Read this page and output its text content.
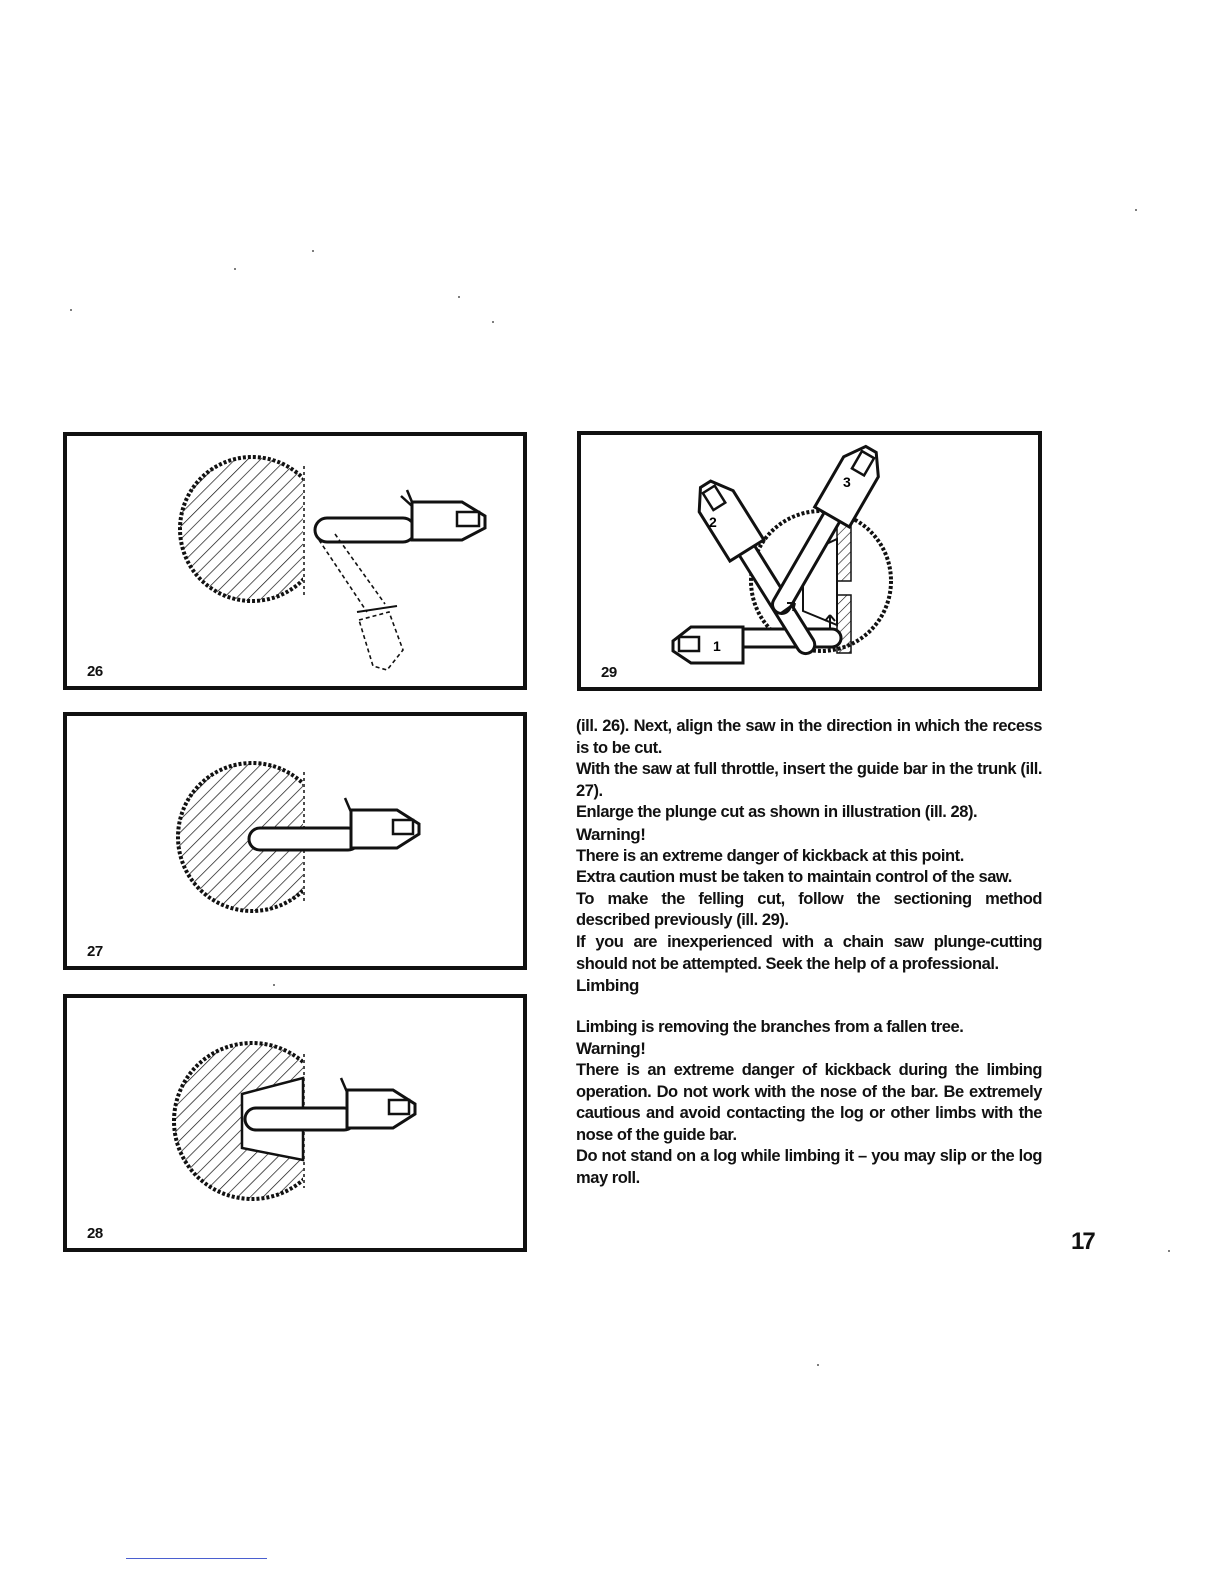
26
27
28
1
2
3
29

(ill. 26). Next, align the saw in the direction in which the recess is to be cut.

With the saw at full throttle, insert the guide bar in the trunk (ill. 27).

Enlarge the plunge cut as shown in illustration (ill. 28).

Warning!

There is an extreme danger of kickback at this point.

Extra caution must be taken to maintain control of the saw.

To make the felling cut, follow the sectioning method described previously (ill. 29).

If you are inexperienced with a chain saw plunge-cutting should not be attempted. Seek the help of a professional.

Limbing

Limbing is removing the branches from a fallen tree.

Warning!

There is an extreme danger of kickback during the limbing operation. Do not work with the nose of the bar. Be extremely cautious and avoid contacting the log or other limbs with the nose of the guide bar.

Do not stand on a log while limbing it – you may slip or the log may roll.

17
